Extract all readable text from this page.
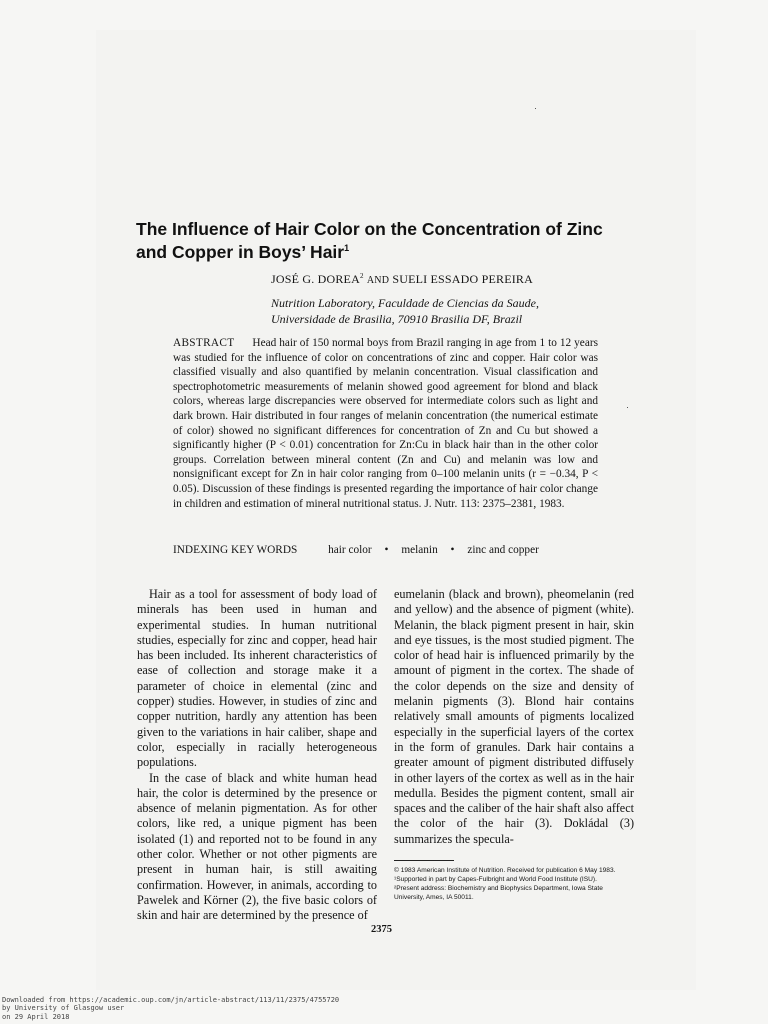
The Influence of Hair Color on the Concentration of Zinc and Copper in Boys’ Hair$^1$
JOSÉ G. DOREA$^2$ AND SUELI ESSADO PEREIRA
Nutrition Laboratory, Faculdade de Ciencias da Saude,
Universidade de Brasilia, 70910 Brasilia DF, Brazil

ABSTRACT Head hair of 150 normal boys from Brazil ranging in age from 1 to 12 years was studied for the influence of color on concentrations of zinc and copper. Hair color was classified visually and also quantified by melanin concentration. Visual classification and spectrophotometric measurements of melanin showed good agreement for blond and black colors, whereas large discrepancies were observed for intermediate colors such as light and dark brown. Hair distributed in four ranges of melanin concentration (the numerical estimate of color) showed no significant differences for concentration of Zn and Cu but showed a significantly higher (P < 0.01) concentration for Zn:Cu in black hair than in the other color groups. Correlation between mineral content (Zn and Cu) and melanin was low and nonsignificant except for Zn in hair color ranging from 0–100 melanin units (r = −0.34, P < 0.05). Discussion of these findings is presented regarding the importance of hair color change in children and estimation of mineral nutritional status. J. Nutr. 113: 2375–2381, 1983.

INDEXING KEY WORDS	hair color • melanin • zinc and copper

Hair as a tool for assessment of body load of minerals has been used in human and experimental studies. In human nutritional studies, especially for zinc and copper, head hair has been included. Its inherent characteristics of ease of collection and storage make it a parameter of choice in elemental (zinc and copper) studies. However, in studies of zinc and copper nutrition, hardly any attention has been given to the variations in hair caliber, shape and color, especially in racially heterogeneous populations.

In the case of black and white human head hair, the color is determined by the presence or absence of melanin pigmentation. As for other colors, like red, a unique pigment has been isolated (1) and reported not to be found in any other color. Whether or not other pigments are present in human hair, is still awaiting confirmation. However, in animals, according to Pawelek and Körner (2), the five basic colors of skin and hair are determined by the presence of

eumelanin (black and brown), pheomelanin (red and yellow) and the absence of pigment (white). Melanin, the black pigment present in hair, skin and eye tissues, is the most studied pigment. The color of head hair is influenced primarily by the amount of pigment in the cortex. The shade of the color depends on the size and density of melanin pigments (3). Blond hair contains relatively small amounts of pigments localized especially in the superficial layers of the cortex in the form of granules. Dark hair contains a greater amount of pigment distributed diffusely in other layers of the cortex as well as in the hair medulla. Besides the pigment content, small air spaces and the caliber of the hair shaft also affect the color of the hair (3). Dokládal (3) summarizes the specula-

© 1983 American Institute of Nutrition. Received for publication 6 May 1983.
¹Supported in part by Capes-Fulbright and World Food Institute (ISU).
²Present address: Biochemistry and Biophysics Department, Iowa State University, Ames, IA 50011.
2375
Downloaded from https://academic.oup.com/jn/article-abstract/113/11/2375/4755720
by University of Glasgow user
on 29 April 2018
